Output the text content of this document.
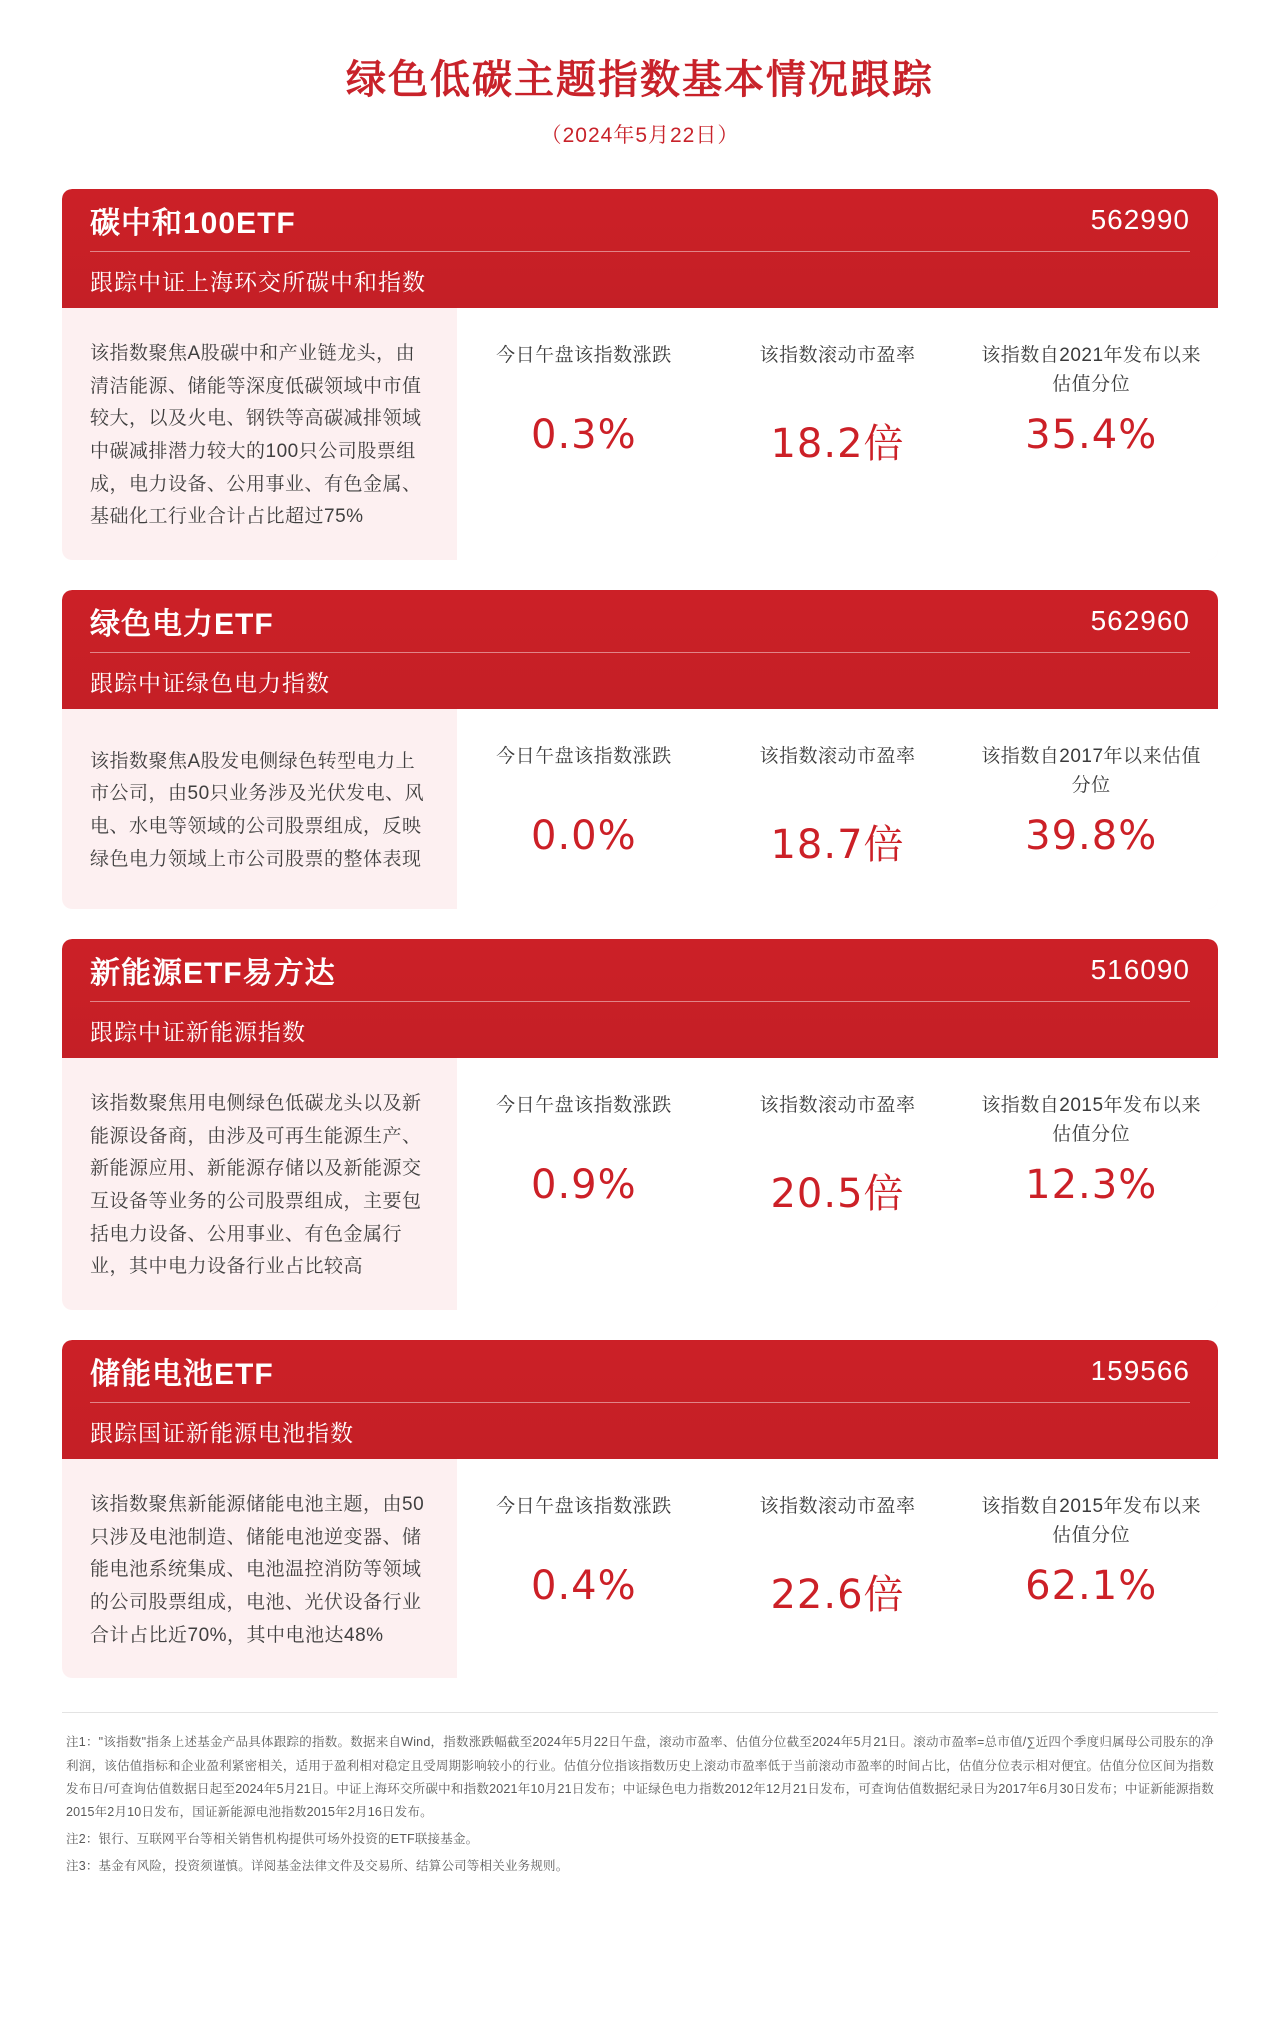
绿色低碳主题指数基本情况跟踪
（2024年5月22日）
碳中和100ETF	562990
跟踪中证上海环交所碳中和指数
该指数聚焦A股碳中和产业链龙头，由清洁能源、储能等深度低碳领域中市值较大，以及火电、钢铁等高碳减排领域中碳减排潜力较大的100只公司股票组成，电力设备、公用事业、有色金属、基础化工行业合计占比超过75%
今日午盘该指数涨跌
0.3%
该指数滚动市盈率
18.2倍
该指数自2021年发布以来估值分位
35.4%
绿色电力ETF	562960
跟踪中证绿色电力指数
该指数聚焦A股发电侧绿色转型电力上市公司，由50只业务涉及光伏发电、风电、水电等领域的公司股票组成，反映绿色电力领域上市公司股票的整体表现
今日午盘该指数涨跌
0.0%
该指数滚动市盈率
18.7倍
该指数自2017年以来估值分位
39.8%
新能源ETF易方达	516090
跟踪中证新能源指数
该指数聚焦用电侧绿色低碳龙头以及新能源设备商，由涉及可再生能源生产、新能源应用、新能源存储以及新能源交互设备等业务的公司股票组成，主要包括电力设备、公用事业、有色金属行业，其中电力设备行业占比较高
今日午盘该指数涨跌
0.9%
该指数滚动市盈率
20.5倍
该指数自2015年发布以来估值分位
12.3%
储能电池ETF	159566
跟踪国证新能源电池指数
该指数聚焦新能源储能电池主题，由50只涉及电池制造、储能电池逆变器、储能电池系统集成、电池温控消防等领域的公司股票组成，电池、光伏设备行业合计占比近70%，其中电池达48%
今日午盘该指数涨跌
0.4%
该指数滚动市盈率
22.6倍
该指数自2015年发布以来估值分位
62.1%

注1："该指数"指条上述基金产品具体跟踪的指数。数据来自Wind，指数涨跌幅截至2024年5月22日午盘，滚动市盈率、估值分位截至2024年5月21日。滚动市盈率=总市值/∑近四个季度归属母公司股东的净利润，该估值指标和企业盈利紧密相关，适用于盈利相对稳定且受周期影响较小的行业。估值分位指该指数历史上滚动市盈率低于当前滚动市盈率的时间占比，估值分位表示相对便宜。估值分位区间为指数发布日/可查询估值数据日起至2024年5月21日。中证上海环交所碳中和指数2021年10月21日发布；中证绿色电力指数2012年12月21日发布，可查询估值数据纪录日为2017年6月30日发布；中证新能源指数2015年2月10日发布，国证新能源电池指数2015年2月16日发布。

注2：银行、互联网平台等相关销售机构提供可场外投资的ETF联接基金。

注3：基金有风险，投资须谨慎。详阅基金法律文件及交易所、结算公司等相关业务规则。
